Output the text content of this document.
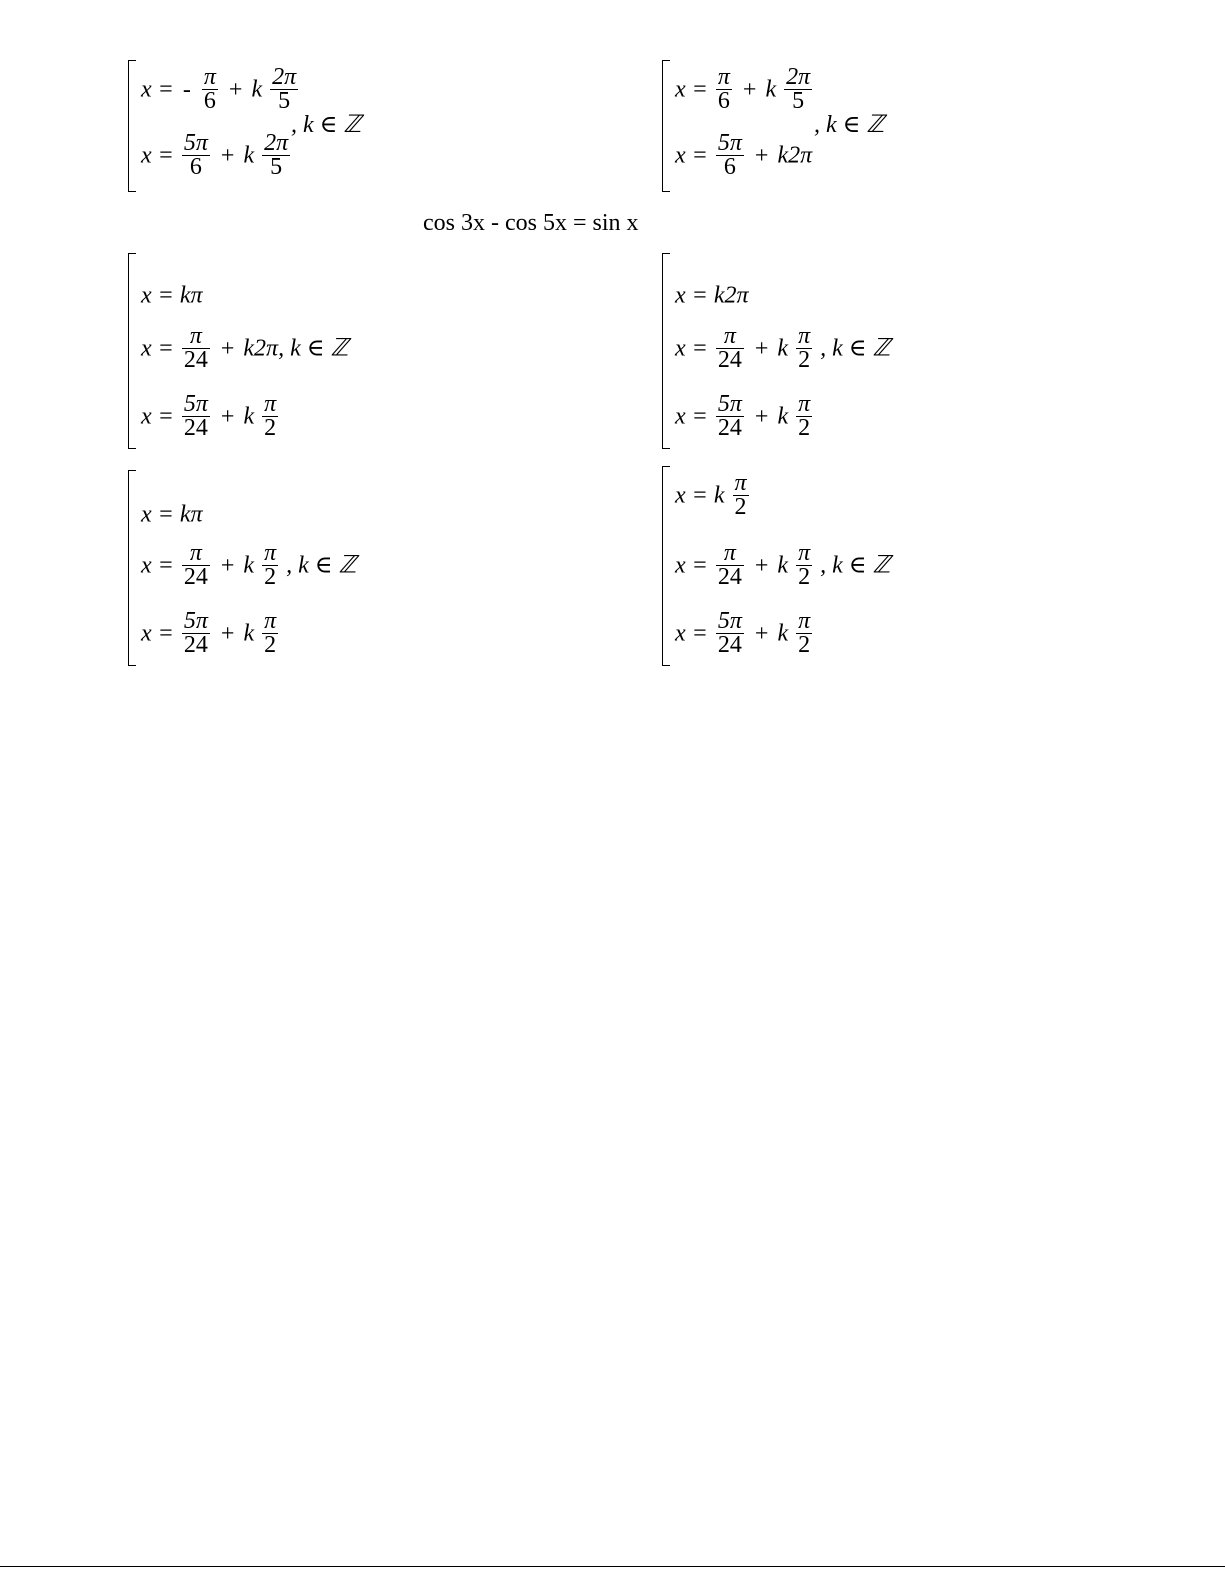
x = - $\frac{\pi}{6} + k \frac{2\pi}{5}$
$x = \frac{5\pi}{6} + k \frac{2\pi}{5}$
, k ∈ ℤ
$x = \frac{\pi}{6} + k \frac{2\pi}{5}$
$x = \frac{5\pi}{6} + k2\pi$
, k ∈ ℤ
cos 3x - cos 5x = sin x
x = kπ
$x = \frac{\pi}{24} + k2\pi$, k ∈ ℤ
$x = \frac{5\pi}{24} + k \frac{\pi}{2}$
x = k2π
$x = \frac{\pi}{24} + k \frac{\pi}{2}$ , k ∈ ℤ
$x = \frac{5\pi}{24} + k \frac{\pi}{2}$
x = kπ
$x = \frac{\pi}{24} + k \frac{\pi}{2}$ , k ∈ ℤ
$x = \frac{5\pi}{24} + k \frac{\pi}{2}$
x = k $\frac{\pi}{2}$
$x = \frac{\pi}{24} + k \frac{\pi}{2}$ , k ∈ ℤ
$x = \frac{5\pi}{24} + k \frac{\pi}{2}$
